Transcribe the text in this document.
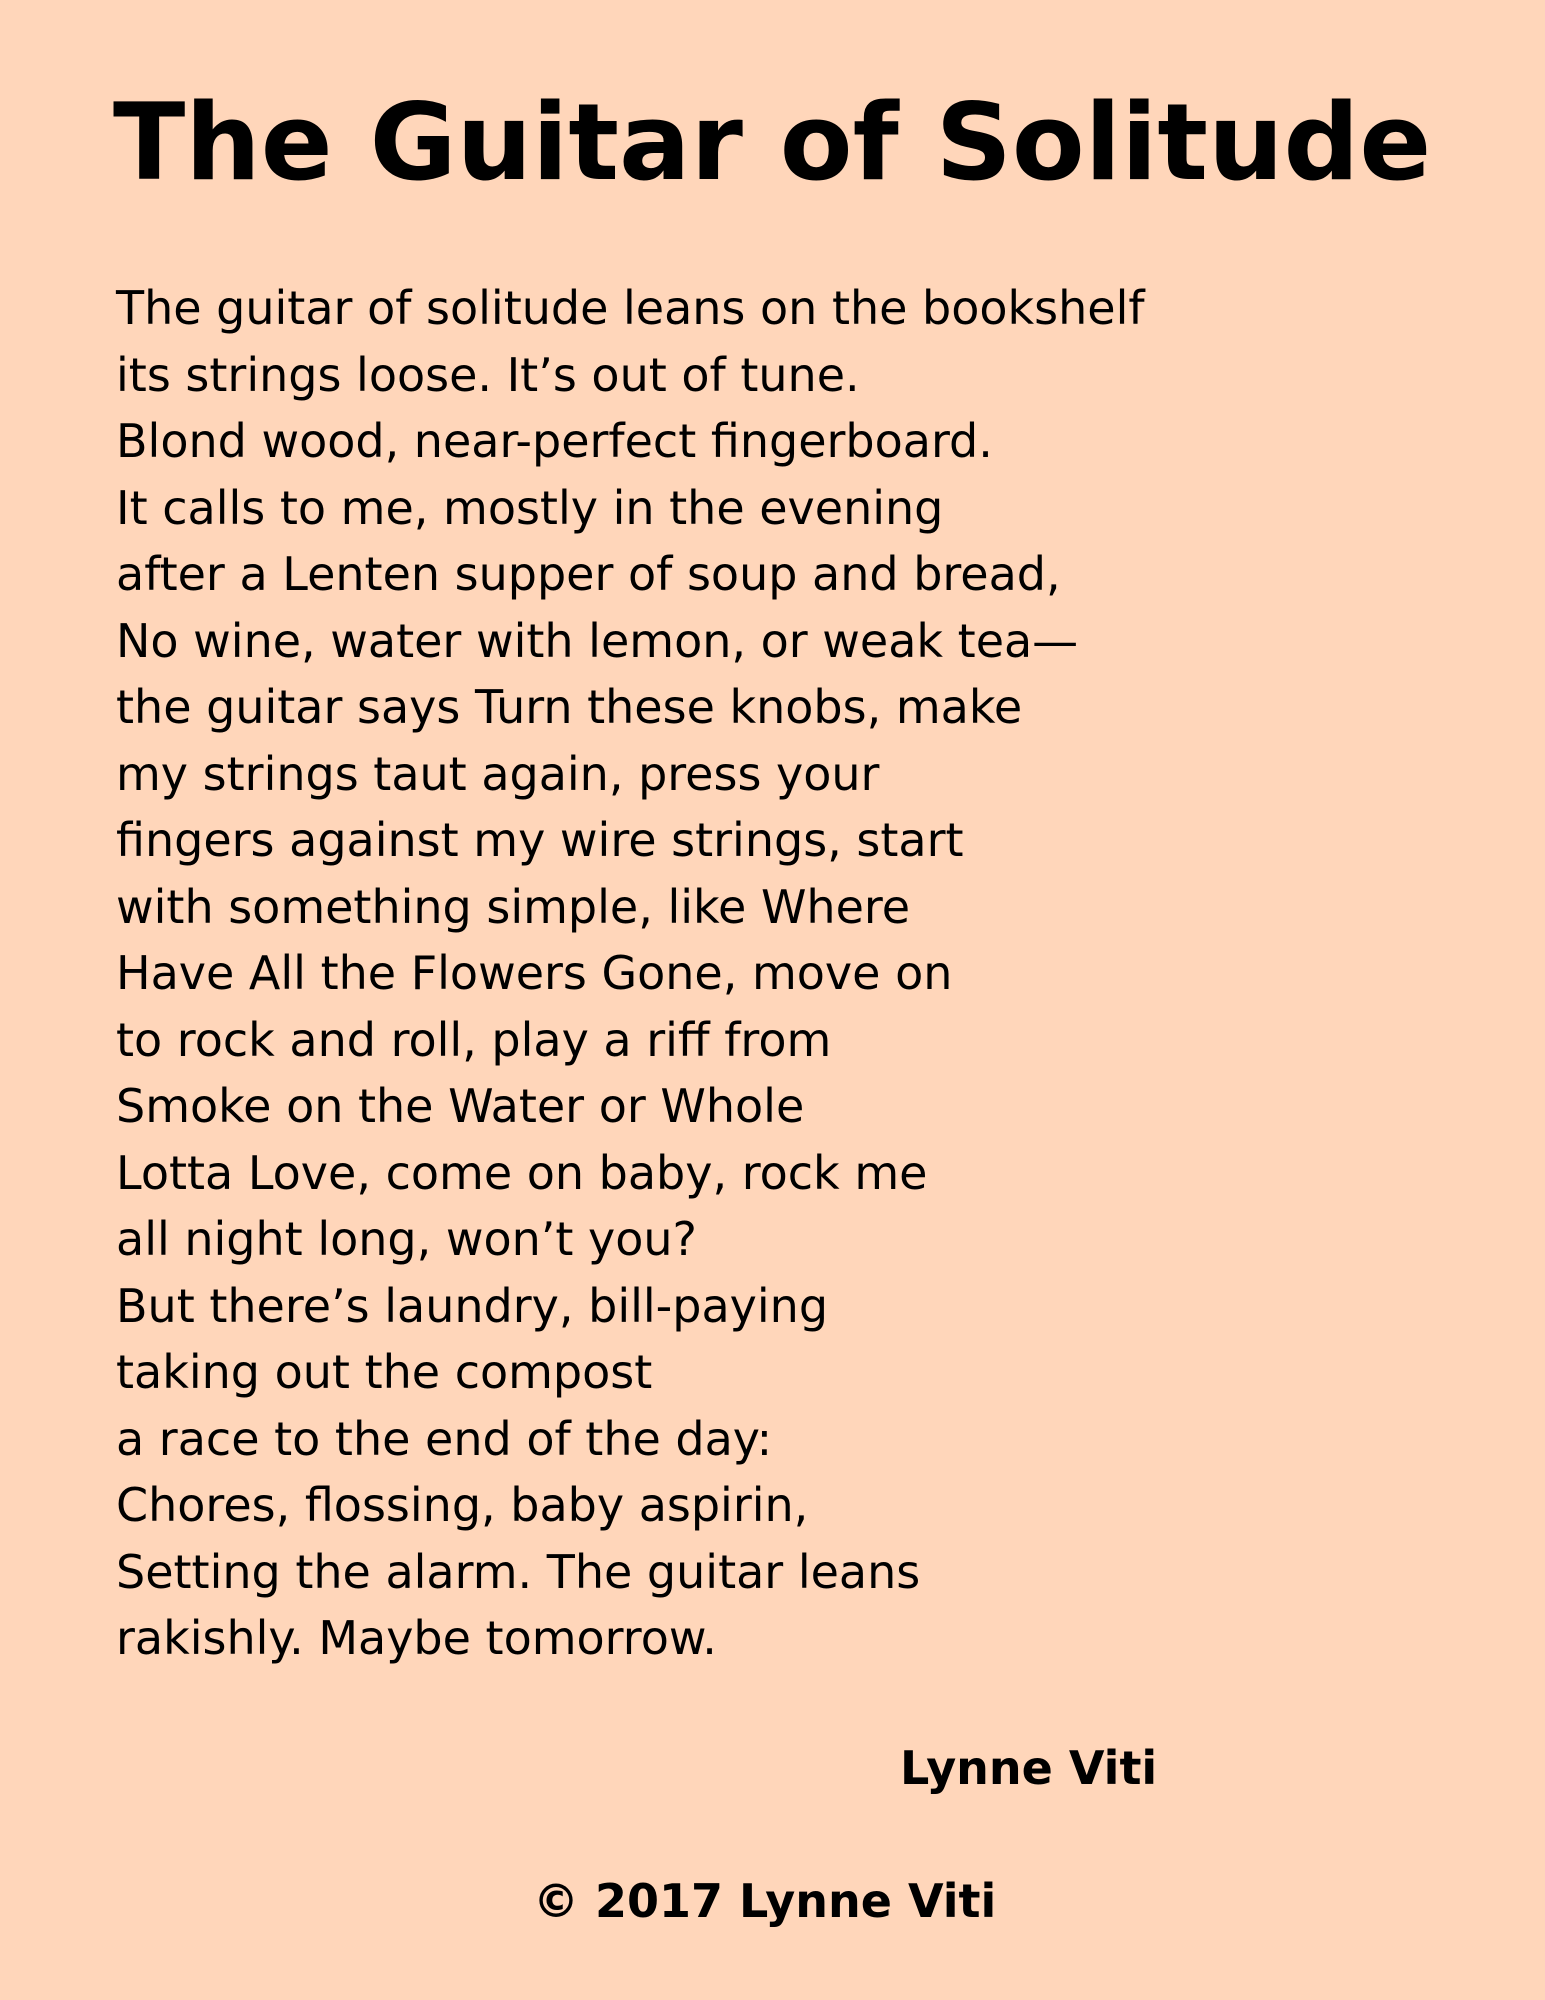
The Guitar of Solitude
The guitar of solitude leans on the bookshelf
its strings loose. It’s out of tune.
Blond wood, near-perfect fingerboard.
It calls to me, mostly in the evening
after a Lenten supper of soup and bread,
No wine, water with lemon, or weak tea—
the guitar says Turn these knobs, make
my strings taut again, press your
fingers against my wire strings, start
with something simple, like Where
Have All the Flowers Gone, move on
to rock and roll, play a riff from
Smoke on the Water or Whole
Lotta Love, come on baby, rock me
all night long, won’t you?
But there’s laundry, bill-paying
taking out the compost
a race to the end of the day:
Chores, flossing, baby aspirin,
Setting the alarm. The guitar leans
rakishly. Maybe tomorrow.
Lynne Viti
© 2017 Lynne Viti
